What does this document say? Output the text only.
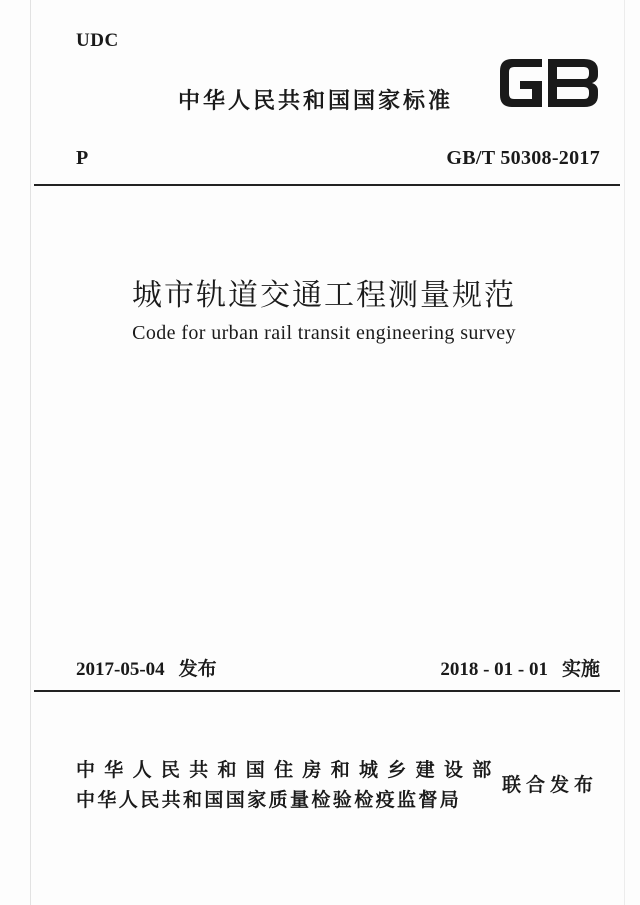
UDC
中华人民共和国国家标准
P	GB/T 50308-2017
城市轨道交通工程测量规范
Code for urban rail transit engineering survey
2017-05-04 发布	2018 - 01 - 01 实施
中华人民共和国住房和城乡建设部
中华人民共和国国家质量检验检疫监督局
联合发布
